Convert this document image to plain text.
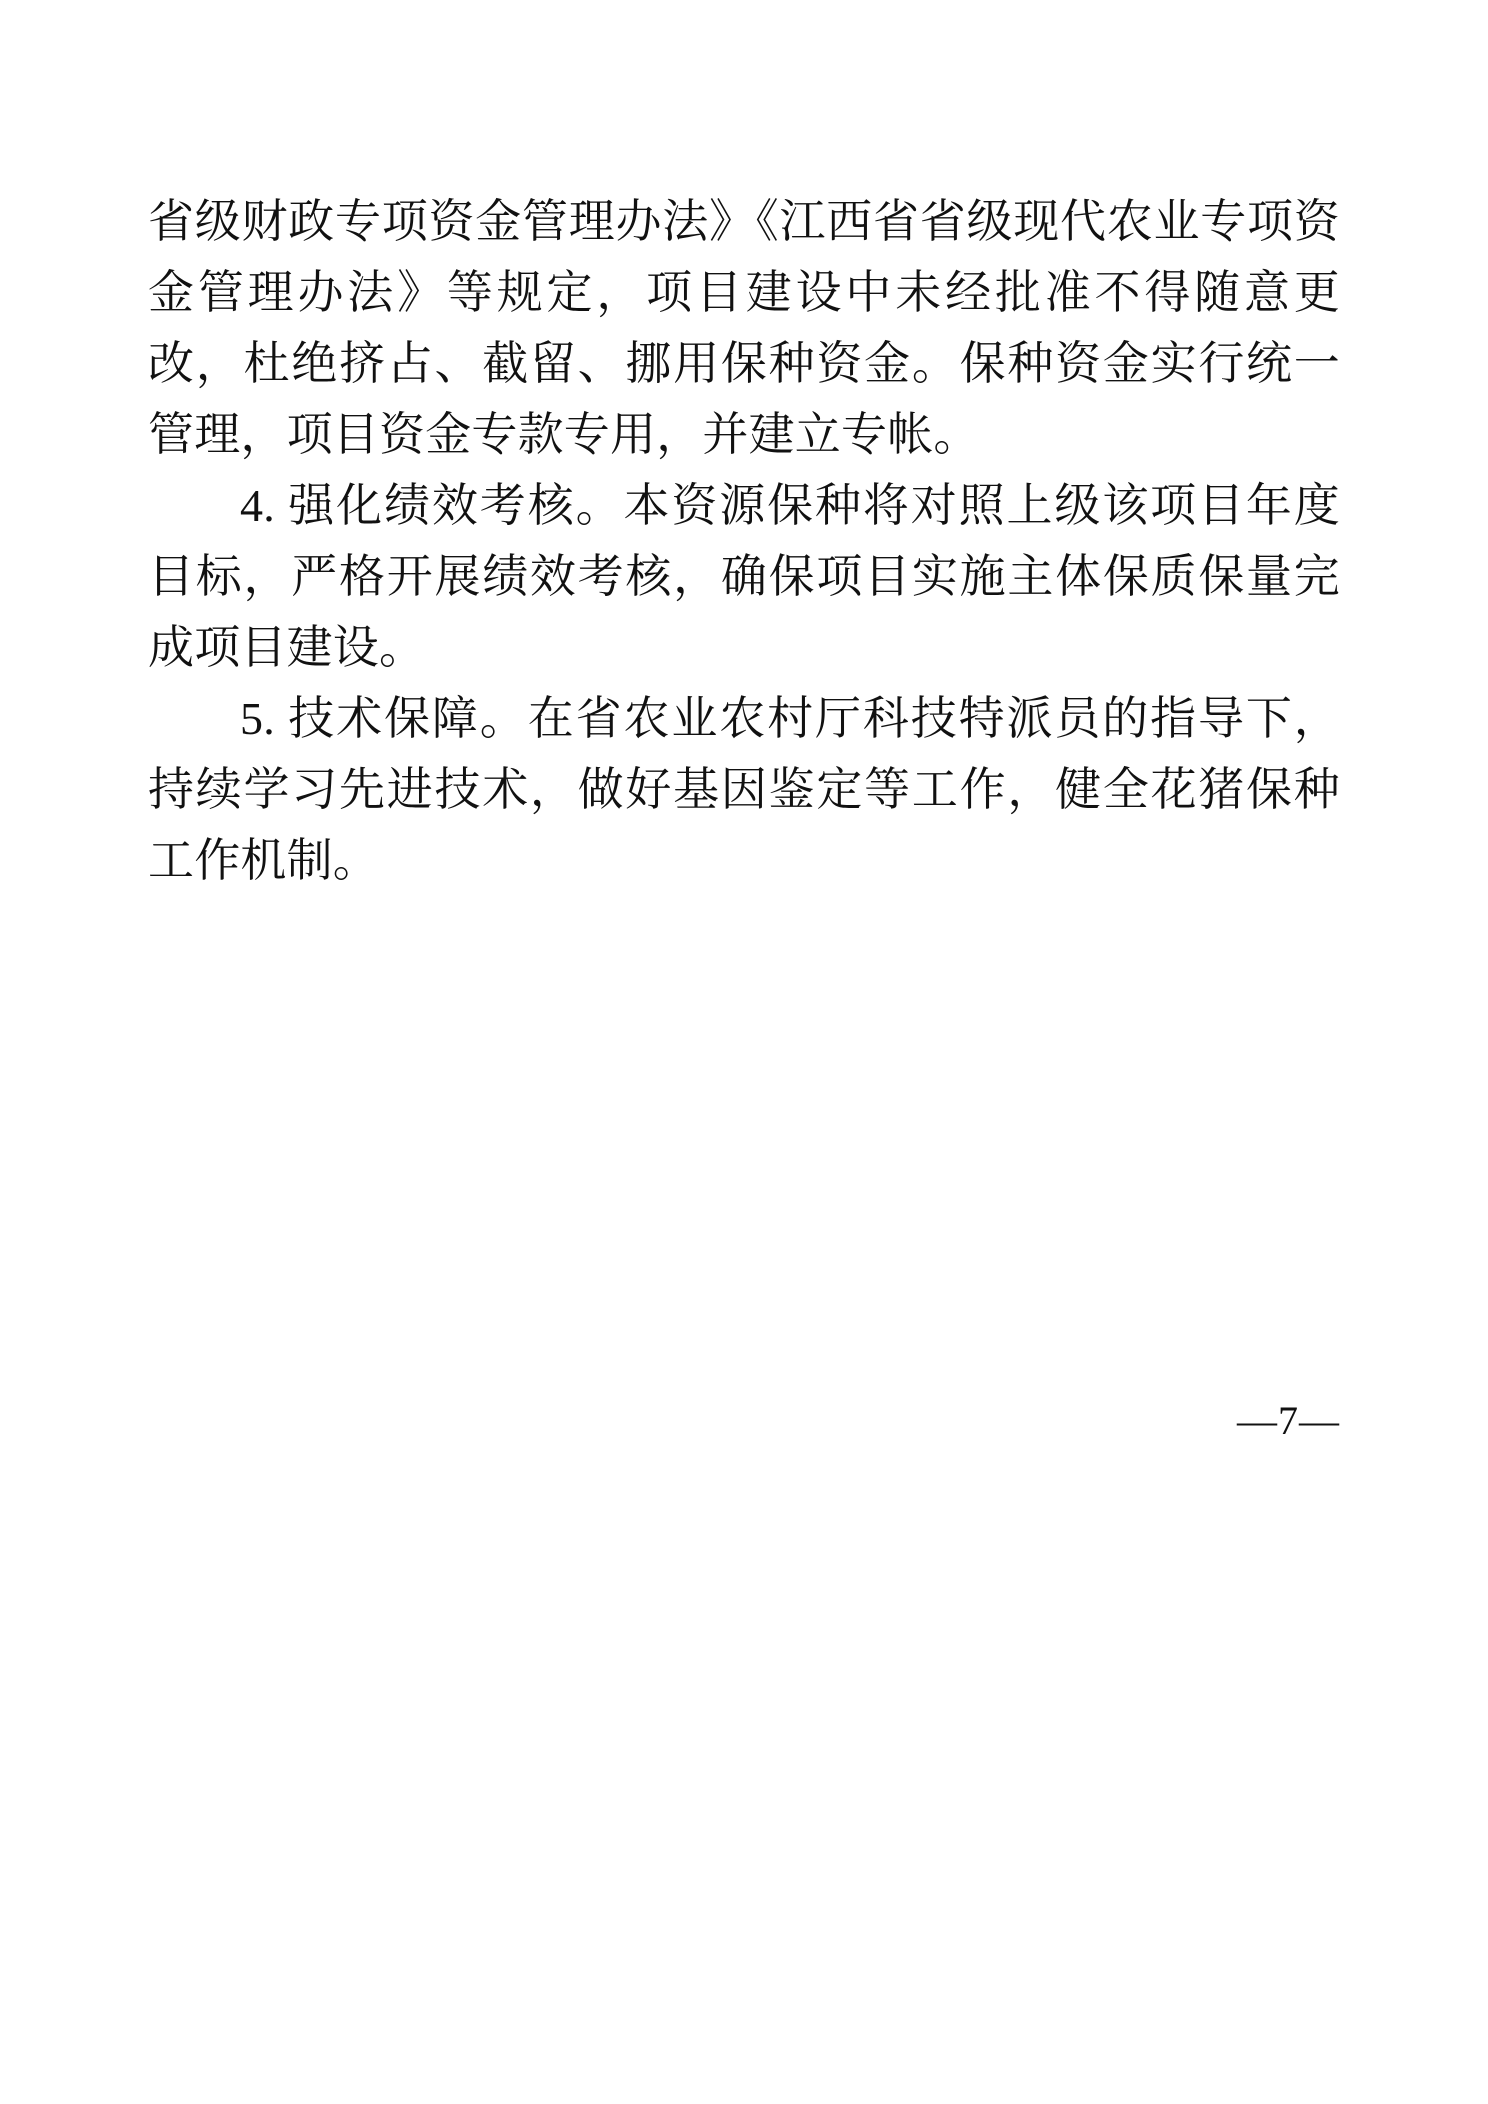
省级财政专项资金管理办法》《江西省省级现代农业专项资金管理办法》等规定，项目建设中未经批准不得随意更改，杜绝挤占、截留、挪用保种资金。保种资金实行统一管理，项目资金专款专用，并建立专帐。

4. 强化绩效考核。本资源保种将对照上级该项目年度目标，严格开展绩效考核，确保项目实施主体保质保量完成项目建设。

5. 技术保障。在省农业农村厅科技特派员的指导下，持续学习先进技术，做好基因鉴定等工作，健全花猪保种工作机制。

—7—
